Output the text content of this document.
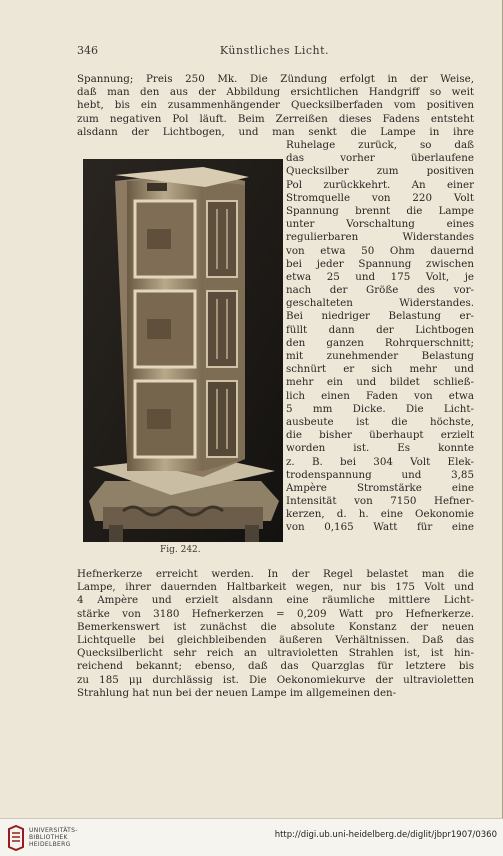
346	Künstliches Licht.
Spannung; Preis 250 Mk. Die Zündung erfolgt in der Weise,
daß man den aus der Abbildung ersichtlichen Handgriff so weit
hebt, bis ein zusammenhängender Quecksilberfaden vom positiven
zum negativen Pol läuft. Beim Zerreißen dieses Fadens entsteht
alsdann der Lichtbogen, und man senkt die Lampe in ihre
Fig. 242.
Ruhelage zurück, so daß
das vorher überlaufene
Quecksilber zum positiven
Pol zurückkehrt. An einer
Stromquelle von 220 Volt
Spannung brennt die Lampe
unter Vorschaltung eines
regulierbaren Widerstandes
von etwa 50 Ohm dauernd
bei jeder Spannung zwischen
etwa 25 und 175 Volt, je
nach der Größe des vor-
geschalteten Widerstandes.
Bei niedriger Belastung er-
füllt dann der Lichtbogen
den ganzen Rohrquerschnitt;
mit zunehmender Belastung
schnürt er sich mehr und
mehr ein und bildet schließ-
lich einen Faden von etwa
5 mm Dicke. Die Licht-
ausbeute ist die höchste,
die bisher überhaupt erzielt
worden ist. Es konnte
z. B. bei 304 Volt Elek-
trodenspannung und 3,85
Ampère Stromstärke eine
Intensität von 7150 Hefner-
kerzen, d. h. eine Oekonomie
von 0,165 Watt für eine
Hefnerkerze erreicht werden. In der Regel belastet man die
Lampe, ihrer dauernden Haltbarkeit wegen, nur bis 175 Volt und
4 Ampère und erzielt alsdann eine räumliche mittlere Licht-
stärke von 3180 Hefnerkerzen = 0,209 Watt pro Hefnerkerze.
Bemerkenswert ist zunächst die absolute Konstanz der neuen
Lichtquelle bei gleichbleibenden äußeren Verhältnissen. Daß das
Quecksilberlicht sehr reich an ultravioletten Strahlen ist, ist hin-
reichend bekannt; ebenso, daß das Quarzglas für letztere bis
zu 185 μμ durchlässig ist. Die Oekonomiekurve der ultravioletten
Strahlung hat nun bei der neuen Lampe im allgemeinen den-
UNIVERSITÄTS-
BIBLIOTHEK
HEIDELBERG
http://digi.ub.uni-heidelberg.de/diglit/jbpr1907/0360
